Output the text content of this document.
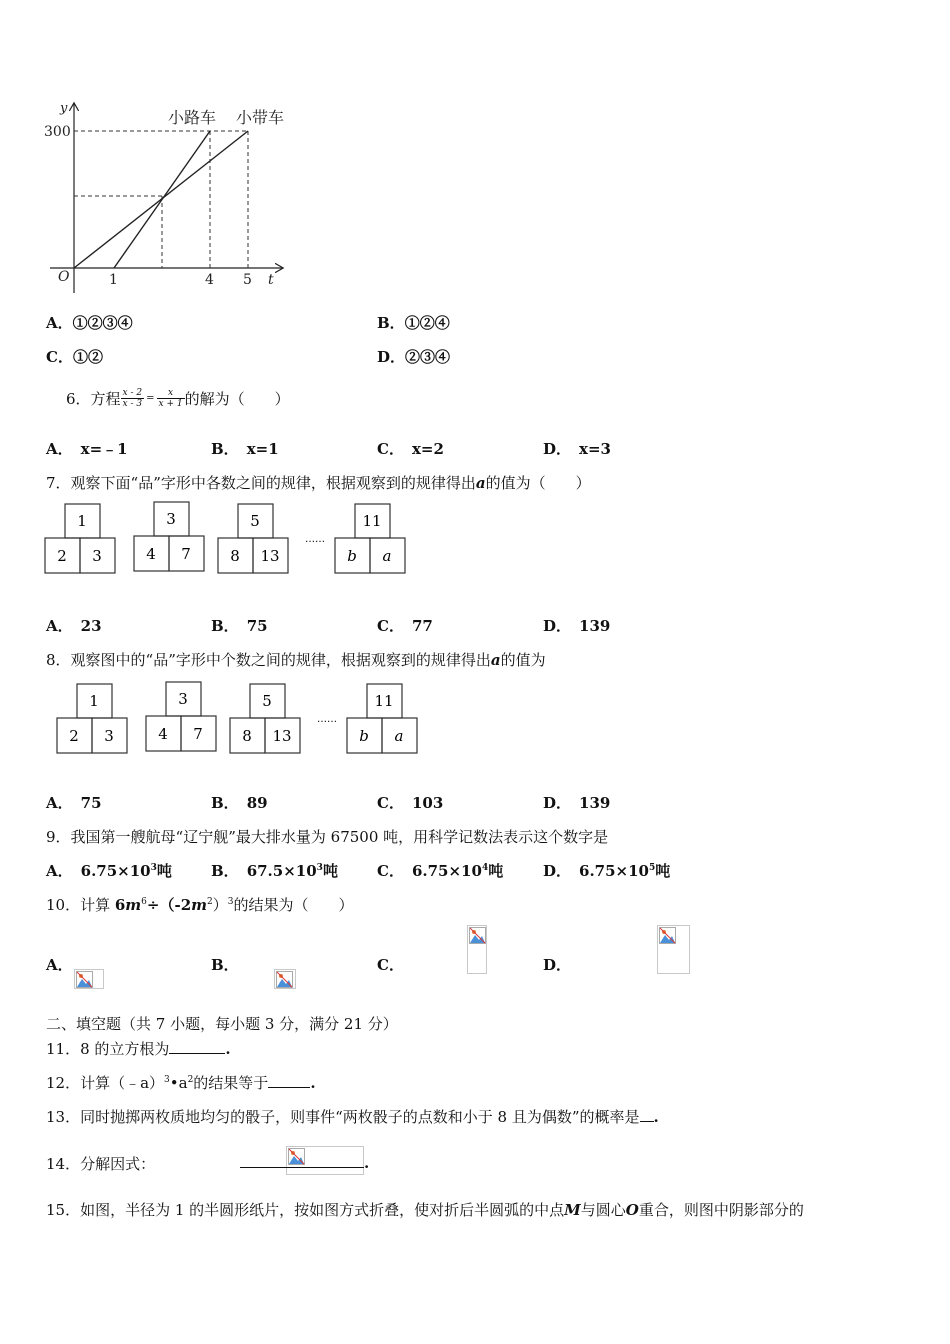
y
300
O	1	4 5 t
小路车 小带车
A．①②③④	B．①②④
C．①②	D．②③④
6．方程 $\frac{x - 2}{x - 3} = \frac{x}{x + 1}$ 的解为（　　）
A． x=﹣1	B． x=1	C． x=2	D． x=3
7．观察下面“品”字形中各数之间的规律，根据观察到的规律得出a的值为（　　）
1
2 3
3
4 7
5
8 13
……
11
b a
A． 23	B． 75	C． 77	D． 139
8．观察图中的“品”字形中个数之间的规律，根据观察到的规律得出a的值为
1
2 3
3
4 7
5
8 13
……
11
b a
A． 75	B． 89	C． 103	D． 139
9．我国第一艘航母“辽宁舰”最大排水量为 67500 吨，用科学记数法表示这个数字是
A． $6.75\times 10^3$吨	B． $67.5\times 10^3$吨	C． $6.75\times 10^4$吨	D． $6.75\times 10^5$吨
10．计算 $6m^6\div(-2m^2)^3$的结果为（　　）
A．
	B．
	C．
	D．

二、填空题（共 7 小题，每小题 3 分，满分 21 分）
11．8 的立方根为	.
12．计算$(﹣a)^3•a^2$的结果等于	.
13．同时抛掷两枚质地均匀的骰子，则事件“两枚骰子的点数和小于 8 且为偶数”的概率是 .
14．分解因式：	.
15．如图，半径为 1 的半圆形纸片，按如图方式折叠，使对折后半圆弧的中点M与圆心O重合，则图中阴影部分的
